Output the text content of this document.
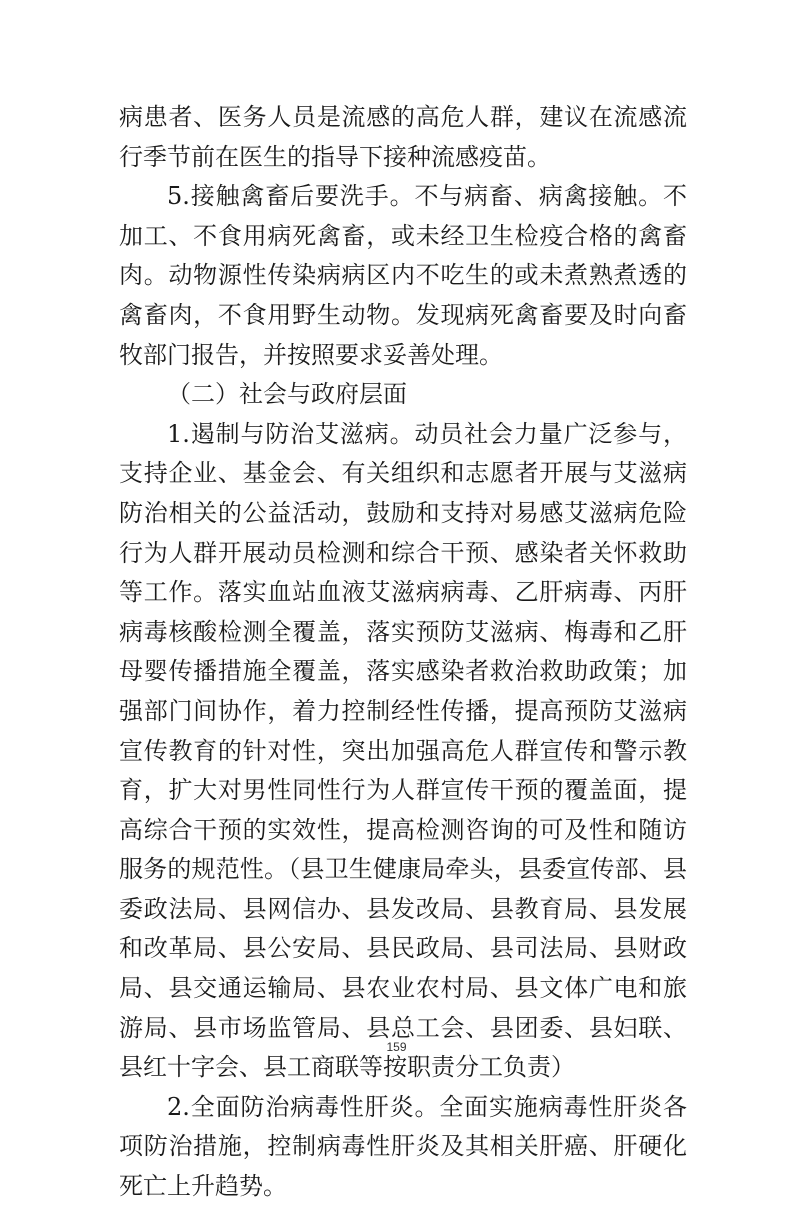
病患者、医务人员是流感的高危人群，建议在流感流行季节前在医生的指导下接种流感疫苗。

5.接触禽畜后要洗手。不与病畜、病禽接触。不加工、不食用病死禽畜，或未经卫生检疫合格的禽畜肉。动物源性传染病病区内不吃生的或未煮熟煮透的禽畜肉，不食用野生动物。发现病死禽畜要及时向畜牧部门报告，并按照要求妥善处理。

（二）社会与政府层面

1.遏制与防治艾滋病。动员社会力量广泛参与，支持企业、基金会、有关组织和志愿者开展与艾滋病防治相关的公益活动，鼓励和支持对易感艾滋病危险行为人群开展动员检测和综合干预、感染者关怀救助等工作。落实血站血液艾滋病病毒、乙肝病毒、丙肝病毒核酸检测全覆盖，落实预防艾滋病、梅毒和乙肝母婴传播措施全覆盖，落实感染者救治救助政策；加强部门间协作，着力控制经性传播，提高预防艾滋病宣传教育的针对性，突出加强高危人群宣传和警示教育，扩大对男性同性行为人群宣传干预的覆盖面，提高综合干预的实效性，提高检测咨询的可及性和随访服务的规范性。（县卫生健康局牵头，县委宣传部、县委政法局、县网信办、县发改局、县教育局、县发展和改革局、县公安局、县民政局、县司法局、县财政局、县交通运输局、县农业农村局、县文体广电和旅游局、县市场监管局、县总工会、县团委、县妇联、县红十字会、县工商联等按职责分工负责）

2.全面防治病毒性肝炎。全面实施病毒性肝炎各项防治措施，控制病毒性肝炎及其相关肝癌、肝硬化死亡上升趋势。

159
